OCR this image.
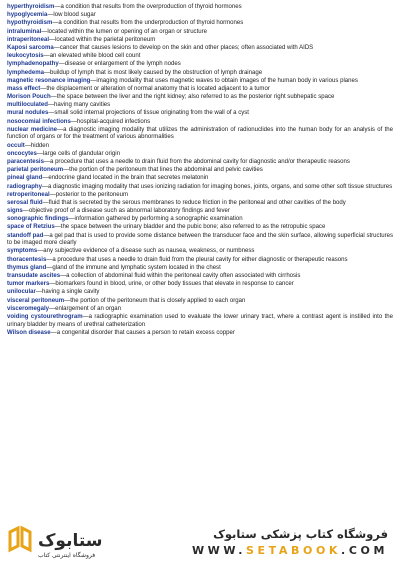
hyperthyroidism—a condition that results from the overproduction of thyroid hormones
hypoglycemia—low blood sugar
hypothyroidism—a condition that results from the underproduction of thyroid hormones
intraluminal—located within the lumen or opening of an organ or structure
intraperitoneal—located within the parietal peritoneum
Kaposi sarcoma—cancer that causes lesions to develop on the skin and other places; often associated with AIDS
leukocytosis—an elevated white blood cell count
lymphadenopathy—disease or enlargement of the lymph nodes
lymphedema—buildup of lymph that is most likely caused by the obstruction of lymph drainage
magnetic resonance imaging—imaging modality that uses magnetic waves to obtain images of the human body in various planes
mass effect—the displacement or alteration of normal anatomy that is located adjacent to a tumor
Morison Pouch—the space between the liver and the right kidney; also referred to as the posterior right subhepatic space
multiloculated—having many cavities
mural nodules—small solid internal projections of tissue originating from the wall of a cyst
nosocomial infections—hospital-acquired infections
nuclear medicine—a diagnostic imaging modality that utilizes the administration of radionuclides into the human body for an analysis of the function of organs or for the treatment of various abnormalities
occult—hidden
oncocytes—large cells of glandular origin
paracentesis—a procedure that uses a needle to drain fluid from the abdominal cavity for diagnostic and/or therapeutic reasons
parietal peritoneum—the portion of the peritoneum that lines the abdominal and pelvic cavities
pineal gland—endocrine gland located in the brain that secretes melatonin
radiography—a diagnostic imaging modality that uses ionizing radiation for imaging bones, joints, organs, and some other soft tissue structures
retroperitoneal—posterior to the peritoneum
serosal fluid—fluid that is secreted by the serous membranes to reduce friction in the peritoneal and other cavities of the body
signs—objective proof of a disease such as abnormal laboratory findings and fever
sonographic findings—information gathered by performing a sonographic examination
space of Retzius—the space between the urinary bladder and the pubic bone; also referred to as the retropubic space
standoff pad—a gel pad that is used to provide some distance between the transducer face and the skin surface, allowing superficial structures to be imaged more clearly
symptoms—any subjective evidence of a disease such as nausea, weakness, or numbness
thoracentesis—a procedure that uses a needle to drain fluid from the pleural cavity for either diagnostic or therapeutic reasons
thymus gland—gland of the immune and lymphatic system located in the chest
transudate ascites—a collection of abdominal fluid within the peritoneal cavity often associated with cirrhosis
tumor markers—biomarkers found in blood, urine, or other body tissues that elevate in response to cancer
unilocular—having a single cavity
visceral peritoneum—the portion of the peritoneum that is closely applied to each organ
visceromegaly—enlargement of an organ
voiding cystourethrogram—a radiographic examination used to evaluate the lower urinary tract, where a contrast agent is instilled into the urinary bladder by means of urethral catheterization
Wilson disease—a congenital disorder that causes a person to retain excess copper
ستابوک
فروشگاه اینترنتی کتاب
فروشگاه کتاب پزشکی ستابوک
WWW.SETABOOK.COM
